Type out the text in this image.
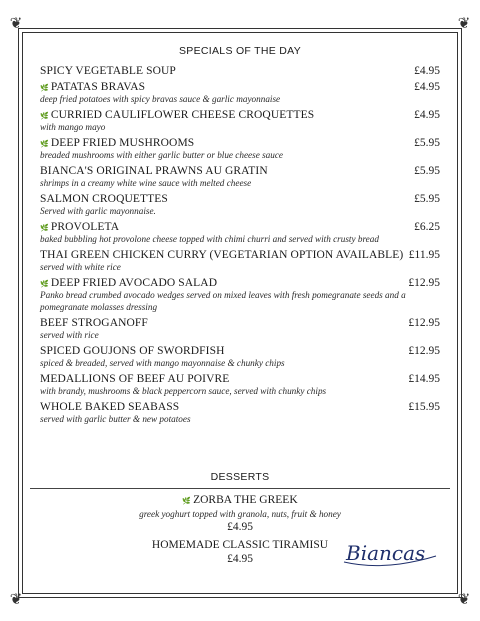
❦	❦
❦	❦
SPECIALS OF THE DAY
SPICY VEGETABLE SOUP	£4.95
🌿 PATATAS BRAVAS	£4.95
deep fried potatoes with spicy bravas sauce & garlic mayonnaise
🌿 CURRIED CAULIFLOWER CHEESE CROQUETTES	£4.95
with mango mayo
🌿 DEEP FRIED MUSHROOMS	£5.95
breaded mushrooms with either garlic butter or blue cheese sauce
BIANCA'S ORIGINAL PRAWNS AU GRATIN	£5.95
shrimps in a creamy white wine sauce with melted cheese
SALMON CROQUETTES	£5.95
Served with garlic mayonnaise.
🌿 PROVOLETA	£6.25
baked bubbling hot provolone cheese topped with chimi churri and served with crusty bread
THAI GREEN CHICKEN CURRY (VEGETARIAN OPTION AVAILABLE) £11.95
served with white rice
🌿 DEEP FRIED AVOCADO SALAD	£12.95
Panko bread crumbed avocado wedges served on mixed leaves with fresh pomegranate seeds and a pomegranate molasses dressing
BEEF STROGANOFF	£12.95
served with rice
SPICED GOUJONS OF SWORDFISH	£12.95
spiced & breaded, served with mango mayonnaise & chunky chips
MEDALLIONS OF BEEF AU POIVRE	£14.95
with brandy, mushrooms & black peppercorn sauce, served with chunky chips
WHOLE BAKED SEABASS	£15.95
served with garlic butter & new potatoes
DESSERTS
🌿 ZORBA THE GREEK
greek yoghurt topped with granola, nuts, fruit & honey
£4.95
HOMEMADE CLASSIC TIRAMISU
£4.95	Biancas
